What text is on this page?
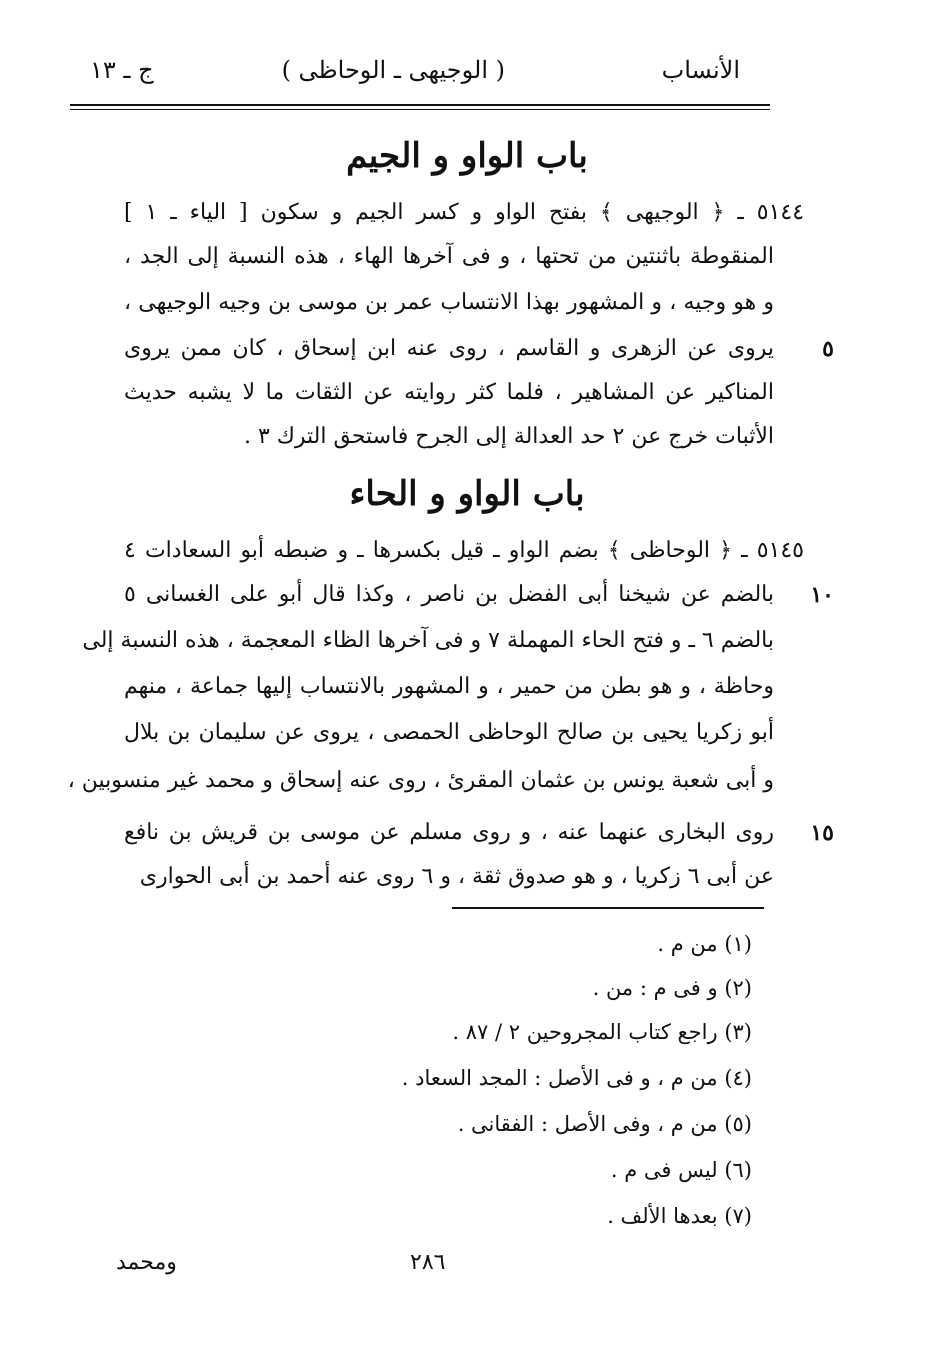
الأنساب
( الوجيهى ـ الوحاظى )
ج ـ ١٣
باب الواو و الجيم
٥١٤٤ ـ ﴿ الوجيهى ﴾ بفتح الواو و كسر الجيم و سكون [ الياء ـ ١ ]
المنقوطة باثنتين من تحتها ، و فى آخرها الهاء ، هذه النسبة إلى الجد ،
و هو وجيه ، و المشهور بهذا الانتساب عمر بن موسى بن وجيه الوجيهى ،
يروى عن الزهرى و القاسم ، روى عنه ابن إسحاق ، كان ممن يروى
المناكير عن المشاهير ، فلما كثر روايته عن الثقات ما لا يشبه حديث
الأثبات خرج عن ٢ حد العدالة إلى الجرح فاستحق الترك ٣ .
باب الواو و الحاء
٥١٤٥ ـ ﴿ الوحاظى ﴾ بضم الواو ـ قيل بكسرها ـ و ضبطه أبو السعادات ٤
بالضم عن شيخنا أبى الفضل بن ناصر ، وكذا قال أبو على الغسانى ٥
بالضم ٦ ـ و فتح الحاء المهملة ٧ و فى آخرها الظاء المعجمة ، هذه النسبة إلى
وحاظة ، و هو بطن من حمير ، و المشهور بالانتساب إليها جماعة ، منهم
أبو زكريا يحيى بن صالح الوحاظى الحمصى ، يروى عن سليمان بن بلال
و أبى شعبة يونس بن عثمان المقرئ ، روى عنه إسحاق و محمد غير منسوبين ،
روى البخارى عنهما عنه ، و روى مسلم عن موسى بن قريش بن نافع
عن أبى ٦ زكريا ، و هو صدوق ثقة ، و ٦ روى عنه أحمد بن أبى الحوارى
٥
١٠
١٥
(١) من م .
(٢) و فى م : من .
(٣) راجع كتاب المجروحين ٢ / ٨٧ .
(٤) من م ، و فى الأصل : المجد السعاد .
(٥) من م ، وفى الأصل : الفقانى .
(٦) ليس فى م .
(٧) بعدها الألف .
ومحمد	٢٨٦
